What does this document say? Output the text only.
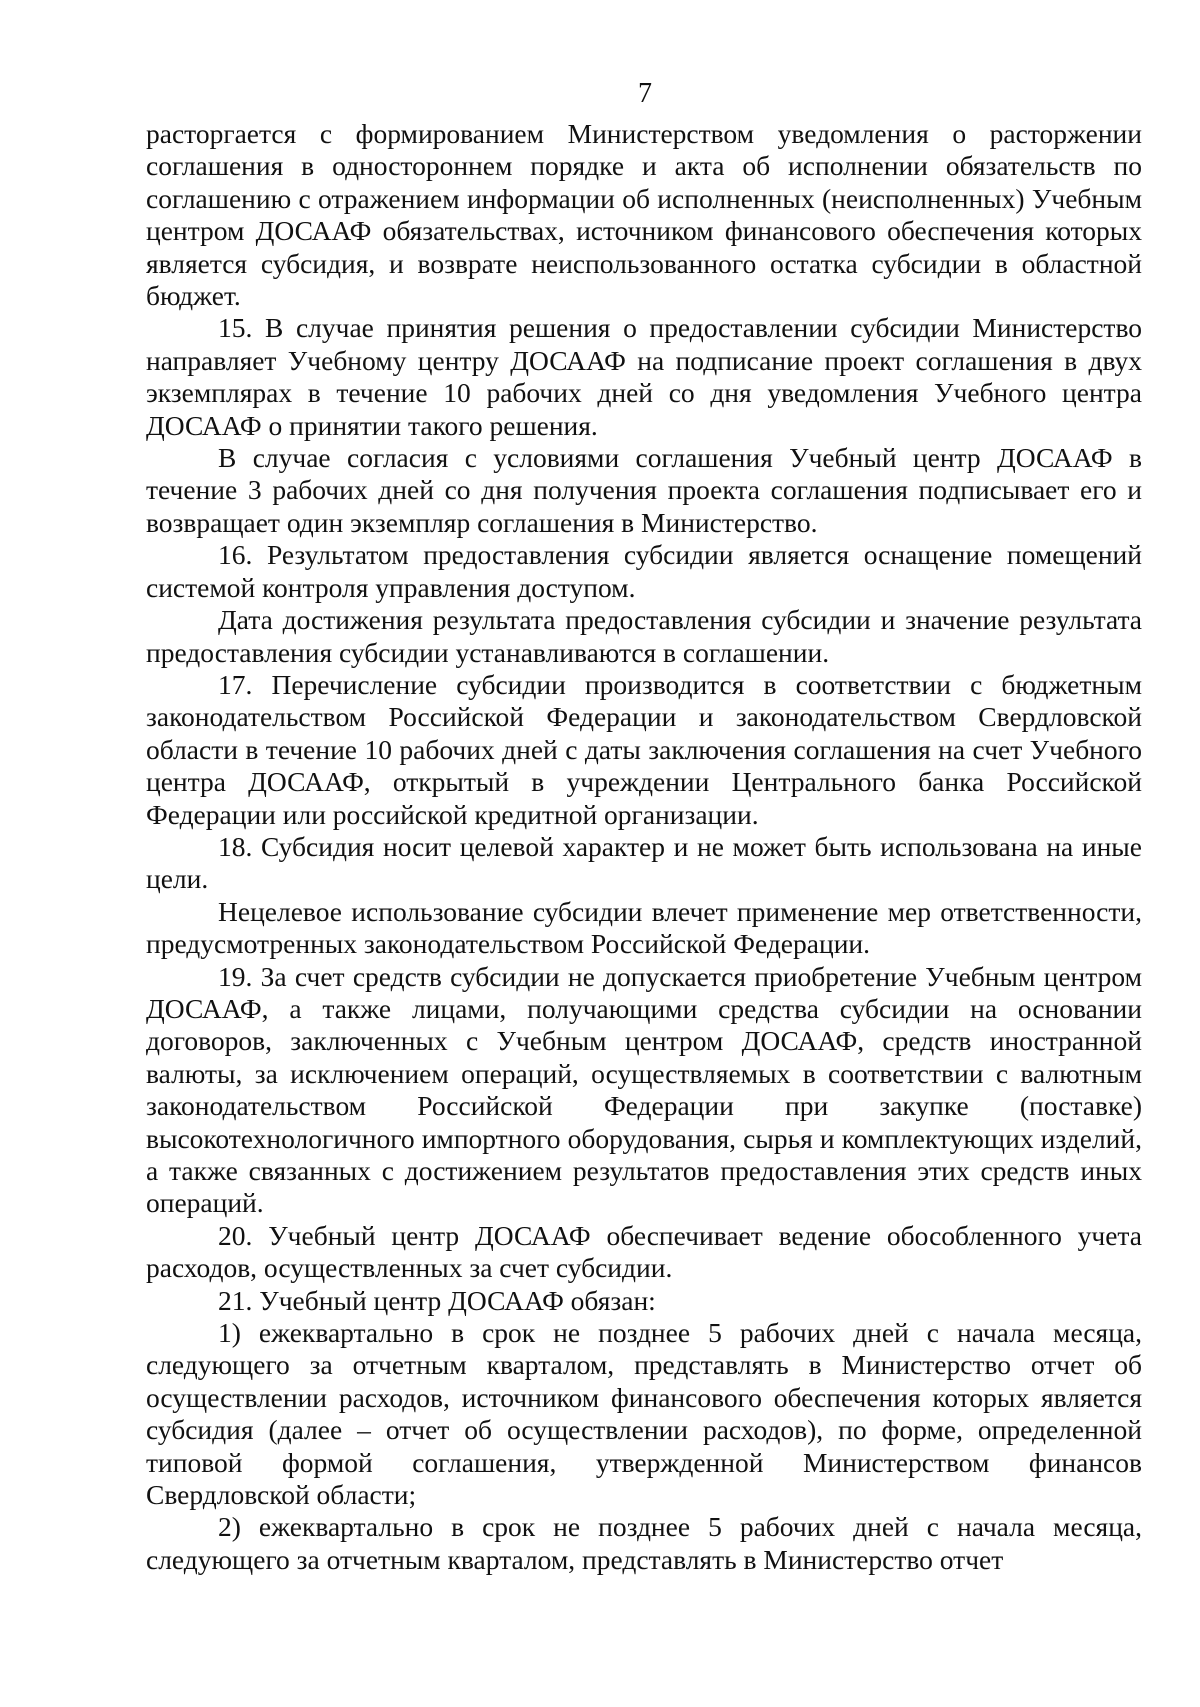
7

расторгается с формированием Министерством уведомления о расторжении соглашения в одностороннем порядке и акта об исполнении обязательств по соглашению с отражением информации об исполненных (неисполненных) Учебным центром ДОСААФ обязательствах, источником финансового обеспечения которых является субсидия, и возврате неиспользованного остатка субсидии в областной бюджет.

15. В случае принятия решения о предоставлении субсидии Министерство направляет Учебному центру ДОСААФ на подписание проект соглашения в двух экземплярах в течение 10 рабочих дней со дня уведомления Учебного центра ДОСААФ о принятии такого решения.

В случае согласия с условиями соглашения Учебный центр ДОСААФ в течение 3 рабочих дней со дня получения проекта соглашения подписывает его и возвращает один экземпляр соглашения в Министерство.

16. Результатом предоставления субсидии является оснащение помещений системой контроля управления доступом.

Дата достижения результата предоставления субсидии и значение результата предоставления субсидии устанавливаются в соглашении.

17. Перечисление субсидии производится в соответствии с бюджетным законодательством Российской Федерации и законодательством Свердловской области в течение 10 рабочих дней с даты заключения соглашения на счет Учебного центра ДОСААФ, открытый в учреждении Центрального банка Российской Федерации или российской кредитной организации.

18. Субсидия носит целевой характер и не может быть использована на иные цели.

Нецелевое использование субсидии влечет применение мер ответственности, предусмотренных законодательством Российской Федерации.

19. За счет средств субсидии не допускается приобретение Учебным центром ДОСААФ, а также лицами, получающими средства субсидии на основании договоров, заключенных с Учебным центром ДОСААФ, средств иностранной валюты, за исключением операций, осуществляемых в соответствии с валютным законодательством Российской Федерации при закупке (поставке) высокотехнологичного импортного оборудования, сырья и комплектующих изделий, а также связанных с достижением результатов предоставления этих средств иных операций.

20. Учебный центр ДОСААФ обеспечивает ведение обособленного учета расходов, осуществленных за счет субсидии.

21. Учебный центр ДОСААФ обязан:

1) ежеквартально в срок не позднее 5 рабочих дней с начала месяца, следующего за отчетным кварталом, представлять в Министерство отчет об осуществлении расходов, источником финансового обеспечения которых является субсидия (далее – отчет об осуществлении расходов), по форме, определенной типовой формой соглашения, утвержденной Министерством финансов Свердловской области;

2) ежеквартально в срок не позднее 5 рабочих дней с начала месяца, следующего за отчетным кварталом, представлять в Министерство отчет
